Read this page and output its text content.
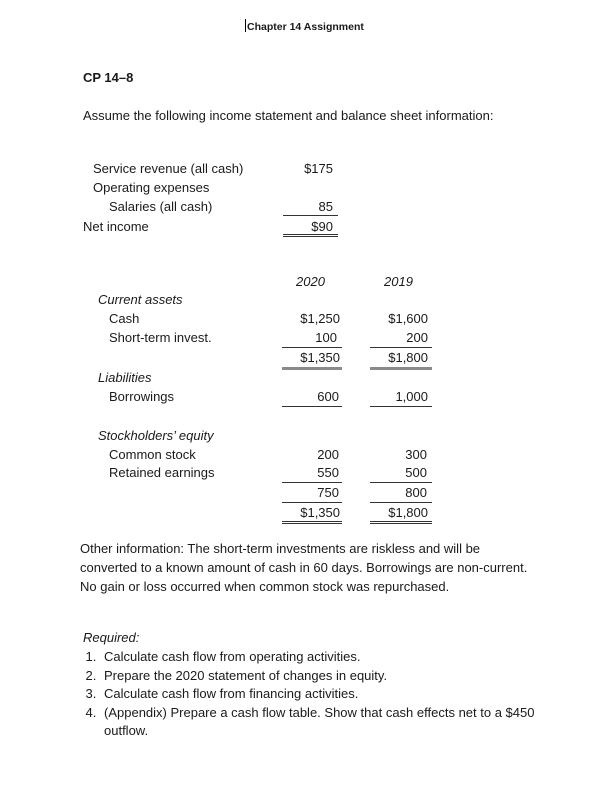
Chapter 14 Assignment
CP 14–8
Assume the following income statement and balance sheet information:
Service revenue (all cash)	$175
Operating expenses
Salaries (all cash)	85
Net income	$90
2020	2019
Current assets
Cash	$1,250	$1,600
Short-term invest.	100	200
$1,350	$1,800
Liabilities
Borrowings	600	1,000
Stockholders’ equity
Common stock	200	300
Retained earnings	550	500
750	800
$1,350	$1,800
Other information: The short-term investments are riskless and will be converted to a known amount of cash in 60 days. Borrowings are non-current. No gain or loss occurred when common stock was repurchased.
Required:
1. Calculate cash flow from operating activities.
2. Prepare the 2020 statement of changes in equity.
3. Calculate cash flow from financing activities.
4. (Appendix) Prepare a cash flow table. Show that cash effects net to a $450 outflow.
